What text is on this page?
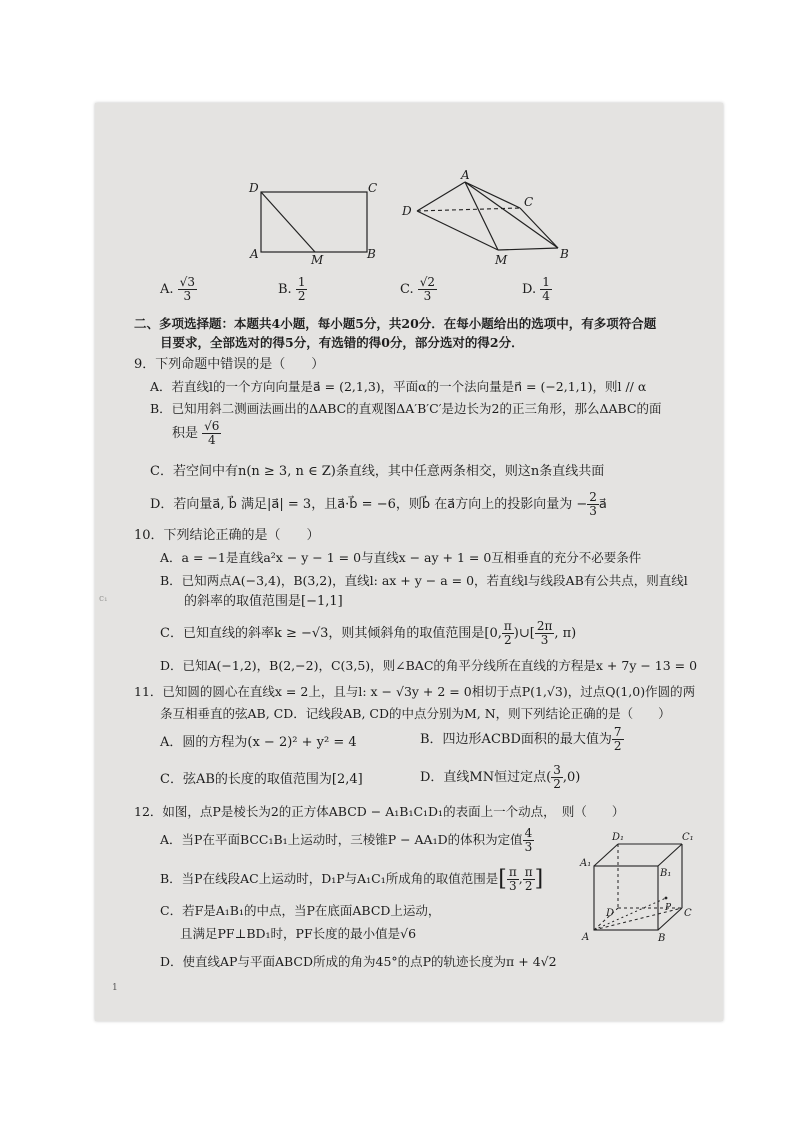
D	C
A	M	B
A
C
D
M	B
A. $\frac{√3}{3}$	B. $\frac{1}{2}$	C. $\frac{√2}{3}$	D. $\frac{1}{4}$
二、多项选择题：本题共4小题，每小题5分，共20分．在每小题给出的选项中，有多项符合题
目要求，全部选对的得5分，有选错的得0分，部分选对的得2分．
9．下列命题中错误的是（　　）
A．若直线l的一个方向向量是a⃗ = (2,1,3)，平面α的一个法向量是n⃗ = (−2,1,1)，则l // α
B．已知用斜二测画法画出的ΔABC的直观图ΔA′B′C′是边长为2的正三角形，那么ΔABC的面
积是 $\frac{√6}{4}$
C．若空间中有n(n ≥ 3, n ∈ Z)条直线，其中任意两条相交，则这n条直线共面
D．若向量a⃗, b⃗ 满足|a⃗| = 3，且a⃗·b⃗ = −6，则b⃗ 在a⃗方向上的投影向量为 − $\frac{2}{3}$ a⃗
10．下列结论正确的是（　　）
A．a = −1是直线a²x − y − 1 = 0与直线x − ay + 1 = 0互相垂直的充分不必要条件
B．已知两点A(−3,4)，B(3,2)，直线l: ax + y − a = 0，若直线l与线段AB有公共点，则直线l
的斜率的取值范围是[−1,1]
C．已知直线的斜率k ≥ −√3，则其倾斜角的取值范围是[0, $\frac{\pi}{2}$ )∪[ $\frac{2\pi}{3}$ , π)
D．已知A(−1,2)，B(2,−2)，C(3,5)，则∠BAC的角平分线所在直线的方程是x + 7y − 13 = 0
c₁
11．已知圆的圆心在直线x = 2上，且与l: x − √3y + 2 = 0相切于点P(1,√3)，过点Q(1,0)作圆的两
条互相垂直的弦AB, CD．记线段AB, CD的中点分别为M, N，则下列结论正确的是（　　）
A．圆的方程为(x − 2)² + y² = 4	B．四边形ACBD面积的最大值为 $\frac{7}{2}$
C．弦AB的长度的取值范围为[2,4]	D．直线MN恒过定点( $\frac{3}{2} ,0$)
12．如图，点P是棱长为2的正方体ABCD − A₁B₁C₁D₁的表面上一个动点，　则（　　）
A．当P在平面BCC₁B₁上运动时，三棱锥P − AA₁D的体积为定值 $\frac{4}{3}$
B．当P在线段AC上运动时，D₁P与A₁C₁所成角的取值范围是[ $\frac{\pi}{3}$ , $\frac{\pi}{2}$ ]
C．若F是A₁B₁的中点，当P在底面ABCD上运动，
且满足PF⊥BD₁时，PF长度的最小值是√6
D．使直线AP与平面ABCD所成的角为45°的点P的轨迹长度为π + 4√2
D₁	C₁
A₁
B₁
P
D	C
A	B
1
